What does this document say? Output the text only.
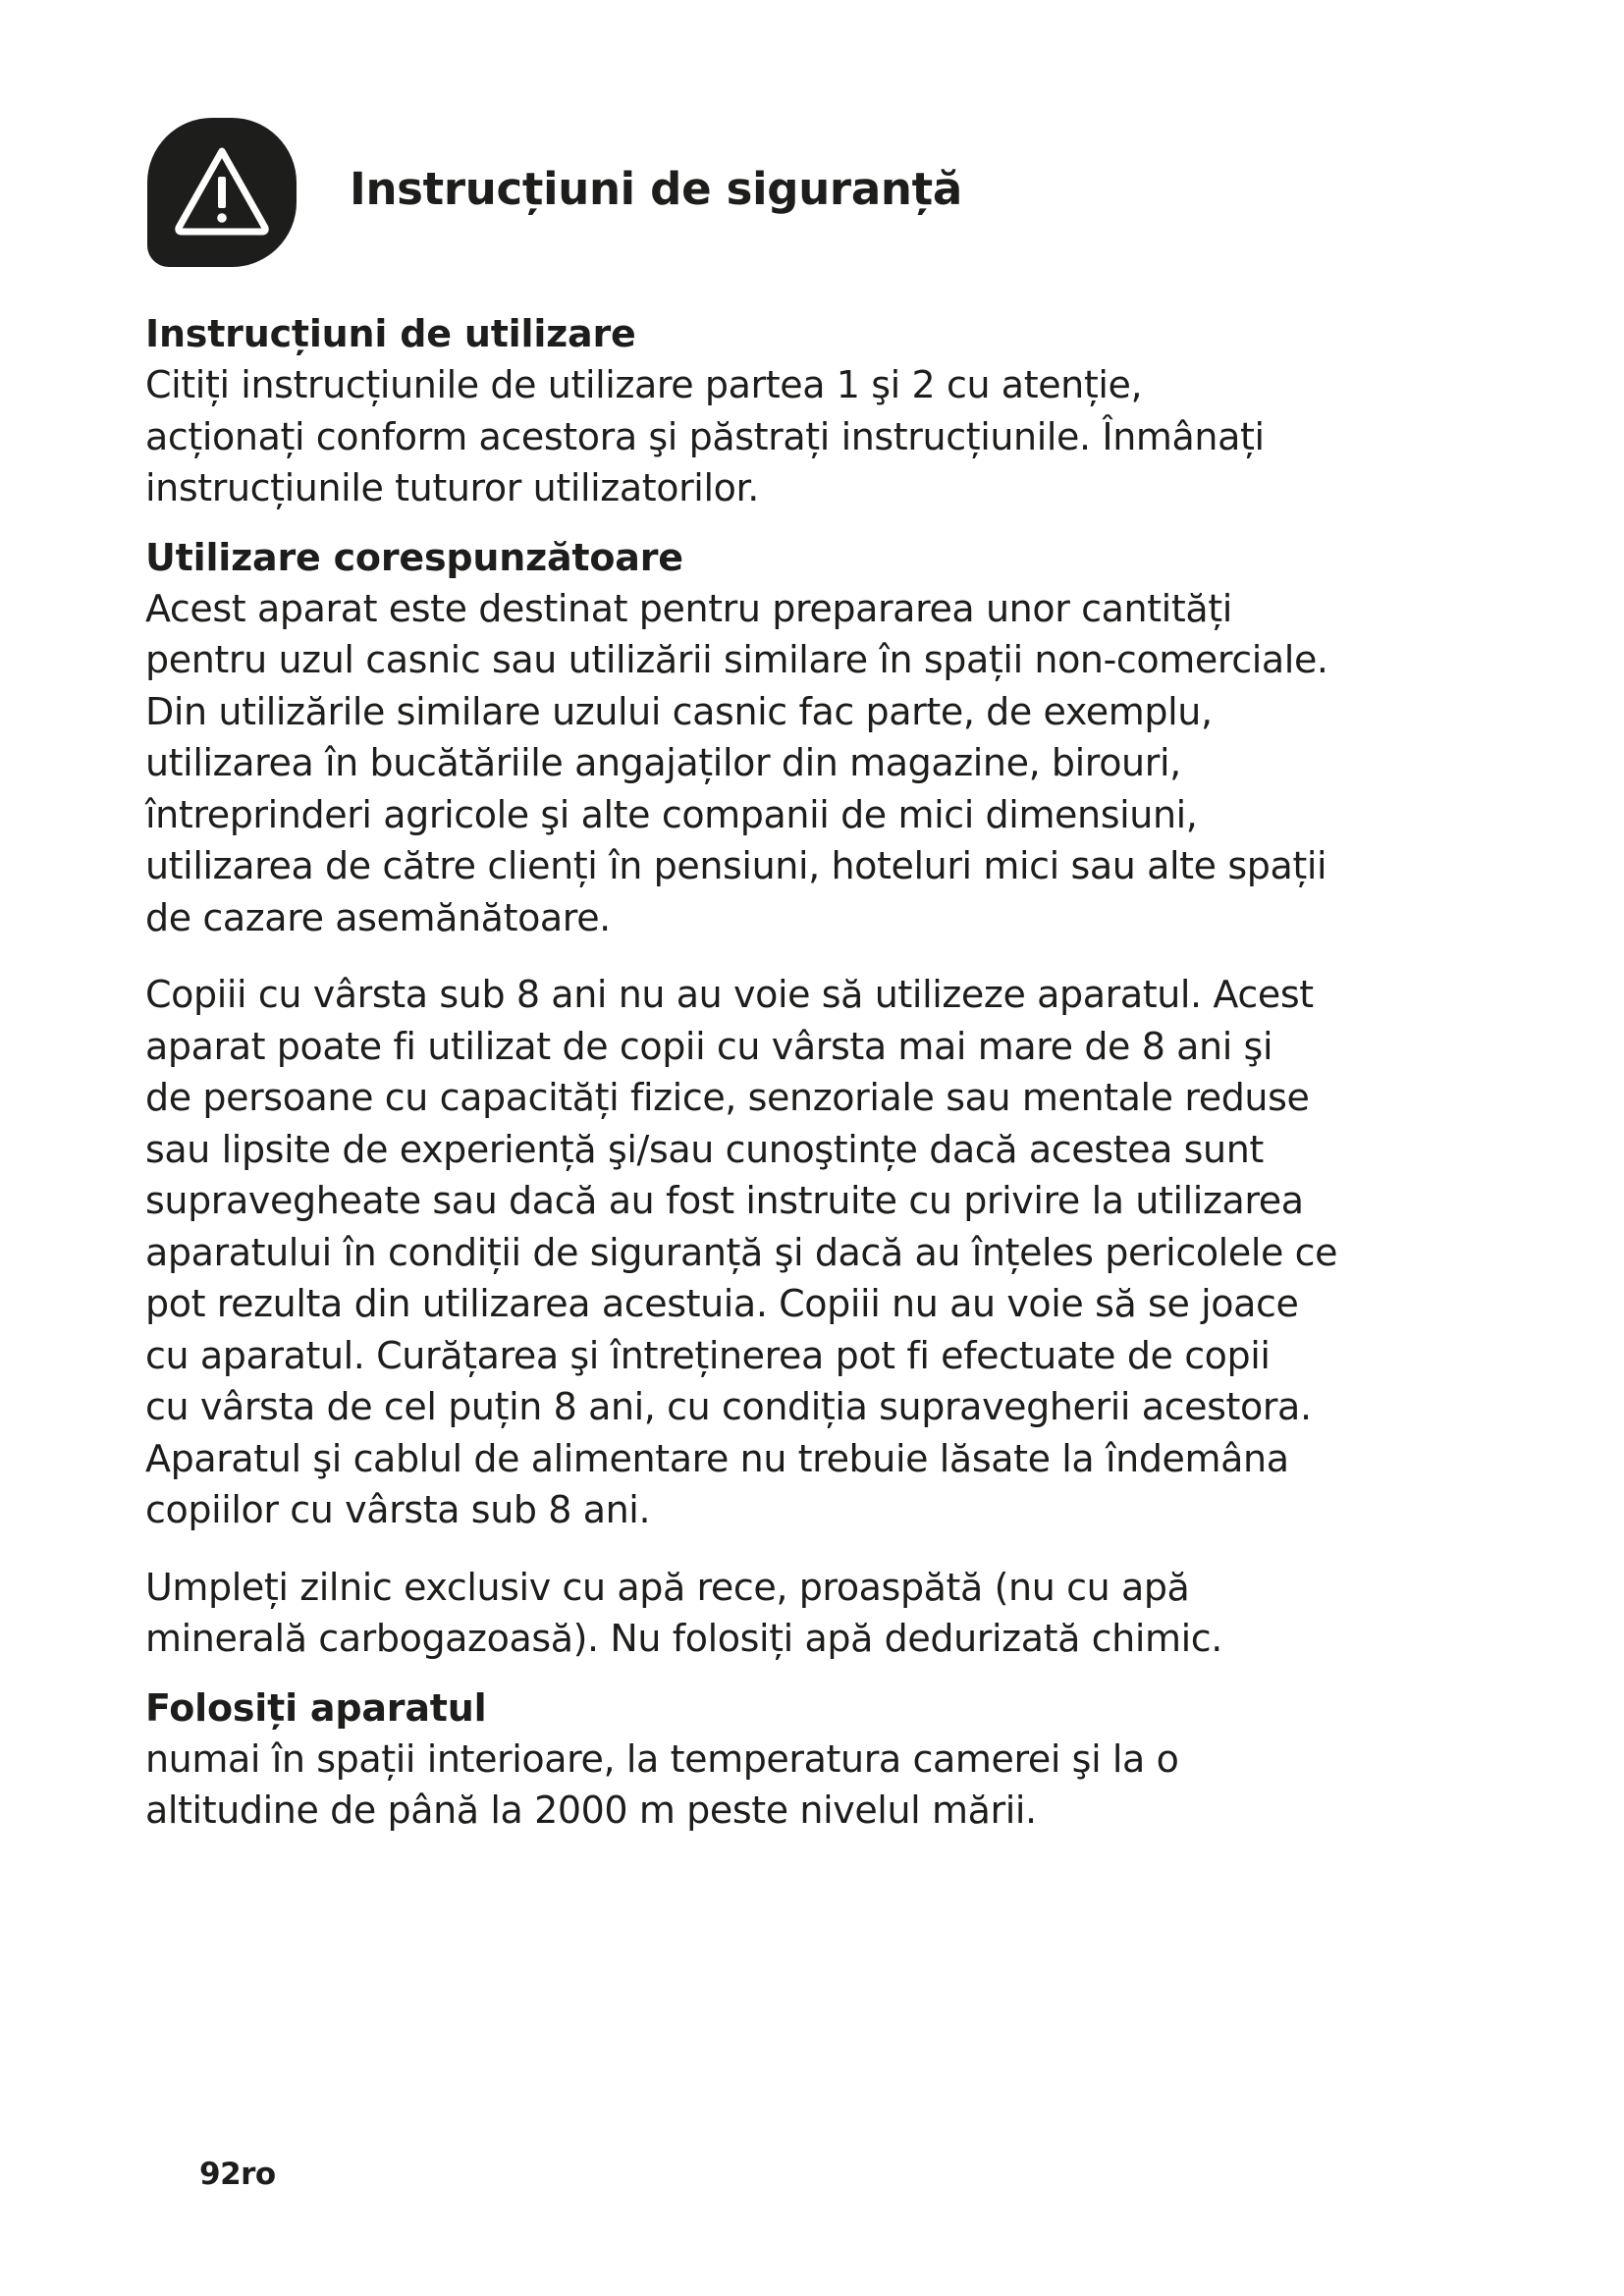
Instrucțiuni de siguranță
Instrucțiuni de utilizare

Citiți instrucțiunile de utilizare partea 1 şi 2 cu atenție,
acționați conform acestora şi păstrați instrucțiunile. Înmânați
instrucțiunile tuturor utilizatorilor.

Utilizare corespunzătoare

Acest aparat este destinat pentru prepararea unor cantități
pentru uzul casnic sau utilizării similare în spații non-comerciale.
Din utilizările similare uzului casnic fac parte, de exemplu,
utilizarea în bucătăriile angajaților din magazine, birouri,
întreprinderi agricole şi alte companii de mici dimensiuni,
utilizarea de către clienți în pensiuni, hoteluri mici sau alte spații
de cazare asemănătoare.

Copiii cu vârsta sub 8 ani nu au voie să utilizeze aparatul. Acest
aparat poate fi utilizat de copii cu vârsta mai mare de 8 ani şi
de persoane cu capacități fizice, senzoriale sau mentale reduse
sau lipsite de experiență şi/sau cunoştințe dacă acestea sunt
supravegheate sau dacă au fost instruite cu privire la utilizarea
aparatului în condiții de siguranță şi dacă au înțeles pericolele ce
pot rezulta din utilizarea acestuia. Copiii nu au voie să se joace
cu aparatul. Curățarea şi întreținerea pot fi efectuate de copii
cu vârsta de cel puțin 8 ani, cu condiția supravegherii acestora.
Aparatul şi cablul de alimentare nu trebuie lăsate la îndemâna
copiilor cu vârsta sub 8 ani.

Umpleți zilnic exclusiv cu apă rece, proaspătă (nu cu apă
minerală carbogazoasă). Nu folosiți apă dedurizată chimic.

Folosiți aparatul

numai în spații interioare, la temperatura camerei şi la o
altitudine de până la 2000 m peste nivelul mării.

92ro
